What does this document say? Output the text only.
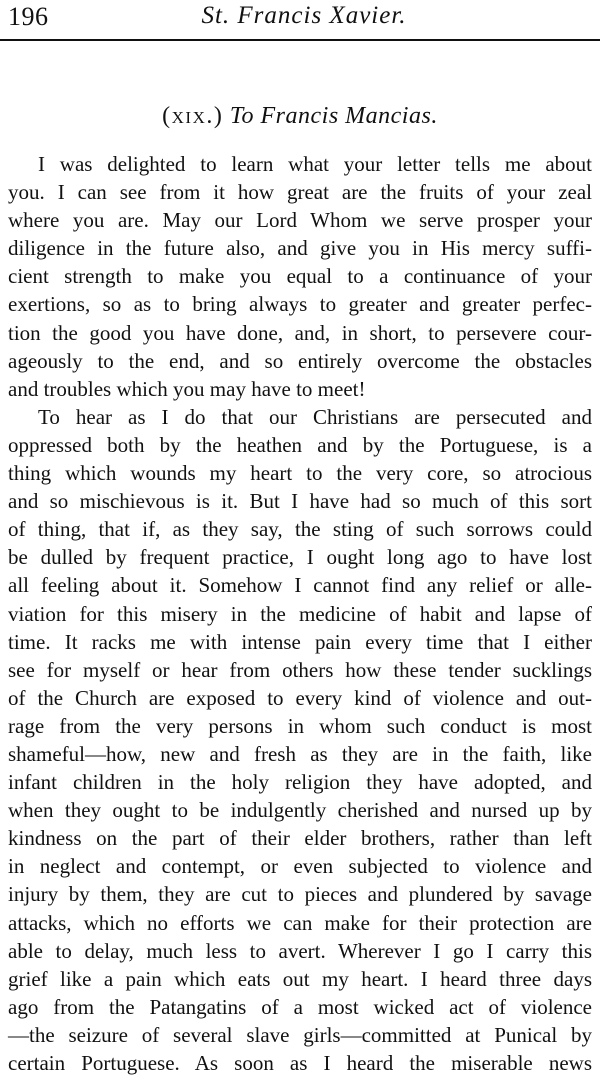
196	St. Francis Xavier.
(xix.) To Francis Mancias.
I was delighted to learn what your letter tells me about
you. I can see from it how great are the fruits of your zeal
where you are. May our Lord Whom we serve prosper your
diligence in the future also, and give you in His mercy suffi-
cient strength to make you equal to a continuance of your
exertions, so as to bring always to greater and greater perfec-
tion the good you have done, and, in short, to persevere cour-
ageously to the end, and so entirely overcome the obstacles
and troubles which you may have to meet!
To hear as I do that our Christians are persecuted and
oppressed both by the heathen and by the Portuguese, is a
thing which wounds my heart to the very core, so atrocious
and so mischievous is it. But I have had so much of this sort
of thing, that if, as they say, the sting of such sorrows could
be dulled by frequent practice, I ought long ago to have lost
all feeling about it. Somehow I cannot find any relief or alle-
viation for this misery in the medicine of habit and lapse of
time. It racks me with intense pain every time that I either
see for myself or hear from others how these tender sucklings
of the Church are exposed to every kind of violence and out-
rage from the very persons in whom such conduct is most
shameful—how, new and fresh as they are in the faith, like
infant children in the holy religion they have adopted, and
when they ought to be indulgently cherished and nursed up by
kindness on the part of their elder brothers, rather than left
in neglect and contempt, or even subjected to violence and
injury by them, they are cut to pieces and plundered by savage
attacks, which no efforts we can make for their protection are
able to delay, much less to avert. Wherever I go I carry this
grief like a pain which eats out my heart. I heard three days
ago from the Patangatins of a most wicked act of violence
—the seizure of several slave girls—committed at Punical by
certain Portuguese. As soon as I heard the miserable news
